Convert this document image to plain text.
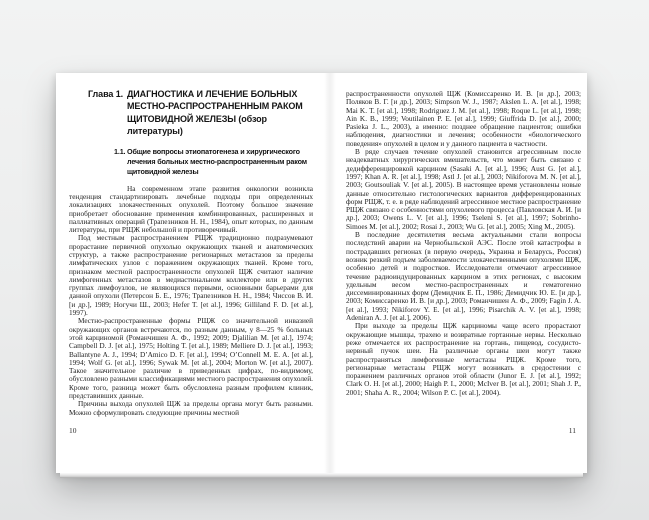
Глава 1. ДИАГНОСТИКА И ЛЕЧЕНИЕ БОЛЬНЫХ МЕСТНО-РАСПРОСТРАНЕННЫМ РАКОМ ЩИТОВИДНОЙ ЖЕЛЕЗЫ (обзор литературы)
1.1. Общие вопросы этиопатогенеза и хирургического лечения больных местно-распространенным раком щитовидной железы

На современном этапе развития онкологии возникла тенденция стандартизировать лечебные подходы при определенных локализациях злокачественных опухолей. Поэтому большое значение приобретает обоснование применения комбинированных, расширенных и паллиативных операций (Трапезников Н. Н., 1984), опыт которых, по данным литературы, при РЩЖ небольшой и противоречивый.

Под местным распространением РЩЖ традиционно подразумевают прорастание первичной опухолью окружающих тканей и анатомических структур, а также распространение регионарных метастазов за пределы лимфатических узлов с поражением окружающих тканей. Кроме того, признаком местной распространенности опухолей ЩЖ считают наличие лимфогенных метастазов в медиастинальном коллекторе или в других группах лимфоузлов, не являющихся первыми, основными барьерами для данной опухоли (Петерсон Б. Е., 1976; Трапезников Н. Н., 1984; Чиссов В. И. [и др.], 1989; Ногучи Ш., 2003; Hefer T. [et al.], 1996; Gilliland F. D. [et al.], 1997).

Местно-распространенные формы РЩЖ со значительной инвазией окружающих органов встречаются, по разным данным, у 8—25 % больных этой карциномой (Романчишен А. Ф., 1992; 2009; Djalilian M. [et al.], 1974; Campbell D. J. [et al.], 1975; Holting T. [et al.], 1989; Melliere D. J. [et al.], 1993; Ballantyne A. J., 1994; D’Amico D. F. [et al.], 1994; O’Connell M. E. A. [et al.], 1994; Wolf G. [et al.], 1996; Sywak M. [et al.], 2004; Morton W. [et al.], 2007). Такое значительное различие в приведенных цифрах, по-видимому, обусловлено разными классификациями местного распространения опухолей. Кроме того, разница может быть обусловлена разным профилем клиник, представивших данные.

Причины выхода опухолей ЩЖ за пределы органа могут быть разными. Можно сформулировать следующие причины местной

10

распространенности опухолей ЩЖ (Комиссаренко И. В. [и др.], 2003; Поляков В. Г. [и др.], 2003; Simpson W. J., 1987; Akslen L. A. [et al.], 1998; Mai K. T. [et al.], 1998; Rodriguez J. M. [et al.], 1998; Roque L. [et al.], 1998; Ain K. B., 1999; Voutilainen P. E. [et al.], 1999; Giuffrida D. [et al.], 2000; Pasieka J. L., 2003), а именно: позднее обращение пациентов; ошибки наблюдения, диагностики и лечения; особенности «биологического поведения» опухолей в целом и у данного пациента в частности.

В ряде случаев течение опухолей становится агрессивным после неадекватных хирургических вмешательств, что может быть связано с дедифференцировкой карцином (Sasaki A. [et al.], 1996; Aust G. [et al.], 1997; Khan A. R. [et al.], 1998; Astl J. [et al.], 2003; Nikiforova M. N. [et al.], 2003; Goutsouliak V. [et al.], 2005). В настоящее время установлены новые данные относительно гистологических вариантов дифференцированных форм РЩЖ, т. е. в ряде наблюдений агрессивное местное распространение РЩЖ связано с особенностями опухолевого процесса (Павловская А. И. [и др.], 2003; Owens L. V. [et al.], 1996; Tseleni S. [et al.], 1997; Sobrinho-Simoes M. [et al.], 2002; Rosai J., 2003; Wu G. [et al.], 2005; Xing M., 2005).

В последние десятилетия весьма актуальными стали вопросы последствий аварии на Чернобыльской АЭС. После этой катастрофы в пострадавших регионах (в первую очередь, Украина и Беларусь, Россия) возник резкий подъем заболеваемости злокачественными опухолями ЩЖ, особенно детей и подростков. Исследователи отмечают агрессивное течение радиоиндуцированных карцином в этих регионах, с высоким удельным весом местно-распространенных и гематогенно диссеминированных форм (Демидчик Е. П., 1986; Демидчик Ю. Е. [и др.], 2003; Комиссаренко И. В. [и др.], 2003; Романчишен А. Ф., 2009; Fagin J. A. [et al.], 1993; Nikiforov Y. E. [et al.], 1996; Pisarchik A. V. [et al.], 1998; Adeniran A. J. [et al.], 2006).

При выходе за пределы ЩЖ карциномы чаще всего прорастают окружающие мышцы, трахею и возвратные гортанные нервы. Несколько реже отмечается их распространение на гортань, пищевод, сосудисто-нервный пучок шеи. На различные органы шеи могут также распространяться лимфогенные метастазы РЩЖ. Кроме того, регионарные метастазы РЩЖ могут возникать в средостении с поражением различных органов этой области (Junor E. J. [et al.], 1992; Clark O. H. [et al.], 2000; Haigh P. I., 2000; McIver B. [et al.], 2001; Shah J. P., 2001; Shaha A. R., 2004; Wilson P. C. [et al.], 2004).

11
